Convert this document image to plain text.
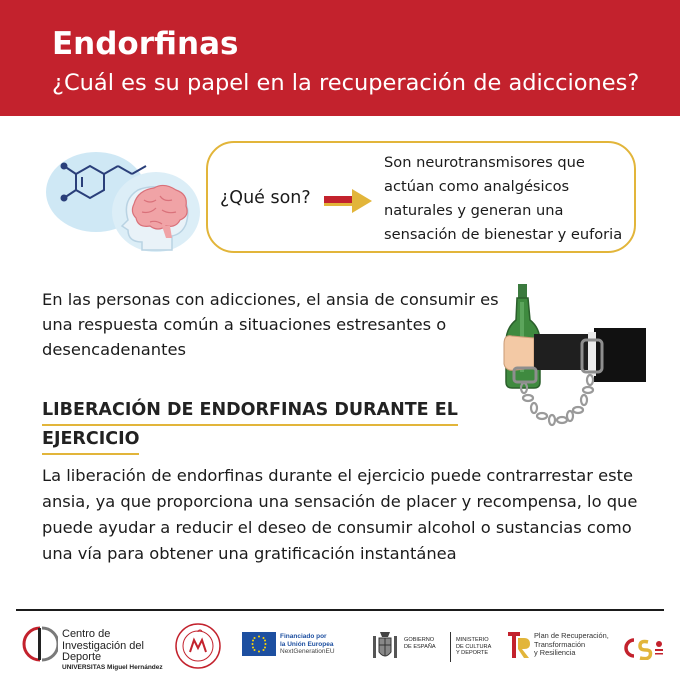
Endorfinas
¿Cuál es su papel en la recuperación de adicciones?
¿Qué son?
Son neurotransmisores que actúan como analgésicos naturales y generan una sensación de bienestar y euforia

En las personas con adicciones, el ansia de consumir es una respuesta común a situaciones estresantes o desencadenantes

LIBERACIÓN DE ENDORFINAS DURANTE EL
EJERCICIO

La liberación de endorfinas durante el ejercicio puede contrarrestar este ansia, ya que proporciona una sensación de placer y recompensa, lo que puede ayudar a reducir el deseo de consumir alcohol o sustancias como una vía para obtener una gratificación instantánea

Centro de
Investigación del
Deporte
UNIVERSITAS Miguel Hernández
Financiado por
la Unión Europea
NextGenerationEU
GOBIERNO
DE ESPAÑA
MINISTERIO
DE CULTURA
Y DEPORTE
Plan de Recuperación,
Transformación
y Resiliencia
